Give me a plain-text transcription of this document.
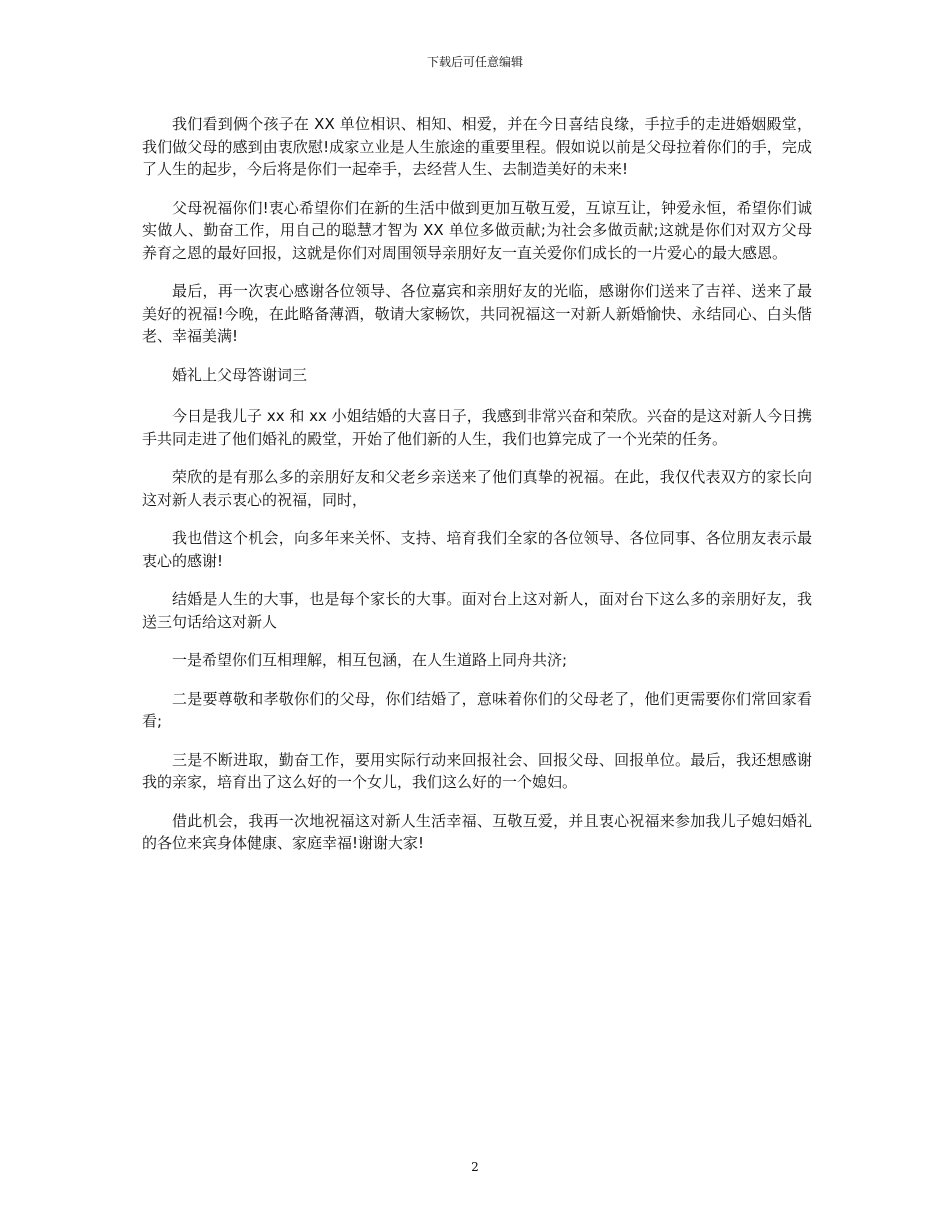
下载后可任意编辑

我们看到俩个孩子在 XX 单位相识、相知、相爱，并在今日喜结良缘，手拉手的走进婚姻殿堂，我们做父母的感到由衷欣慰!成家立业是人生旅途的重要里程。假如说以前是父母拉着你们的手，完成了人生的起步，今后将是你们一起牵手，去经营人生、去制造美好的未来!

父母祝福你们!衷心希望你们在新的生活中做到更加互敬互爱，互谅互让，钟爱永恒，希望你们诚实做人、勤奋工作，用自己的聪慧才智为 XX 单位多做贡献;为社会多做贡献;这就是你们对双方父母养育之恩的最好回报，这就是你们对周围领导亲朋好友一直关爱你们成长的一片爱心的最大感恩。

最后，再一次衷心感谢各位领导、各位嘉宾和亲朋好友的光临，感谢你们送来了吉祥、送来了最美好的祝福!今晚，在此略备薄酒，敬请大家畅饮，共同祝福这一对新人新婚愉快、永结同心、白头偕老、幸福美满!

婚礼上父母答谢词三

今日是我儿子 xx 和 xx 小姐结婚的大喜日子，我感到非常兴奋和荣欣。兴奋的是这对新人今日携手共同走进了他们婚礼的殿堂，开始了他们新的人生，我们也算完成了一个光荣的任务。

荣欣的是有那么多的亲朋好友和父老乡亲送来了他们真挚的祝福。在此，我仅代表双方的家长向这对新人表示衷心的祝福，同时，

我也借这个机会，向多年来关怀、支持、培育我们全家的各位领导、各位同事、各位朋友表示最衷心的感谢!

结婚是人生的大事，也是每个家长的大事。面对台上这对新人，面对台下这么多的亲朋好友，我送三句话给这对新人

一是希望你们互相理解，相互包涵，在人生道路上同舟共济;

二是要尊敬和孝敬你们的父母，你们结婚了，意味着你们的父母老了，他们更需要你们常回家看看;

三是不断进取，勤奋工作，要用实际行动来回报社会、回报父母、回报单位。最后，我还想感谢我的亲家，培育出了这么好的一个女儿，我们这么好的一个媳妇。

借此机会，我再一次地祝福这对新人生活幸福、互敬互爱，并且衷心祝福来参加我儿子媳妇婚礼的各位来宾身体健康、家庭幸福!谢谢大家!

2
